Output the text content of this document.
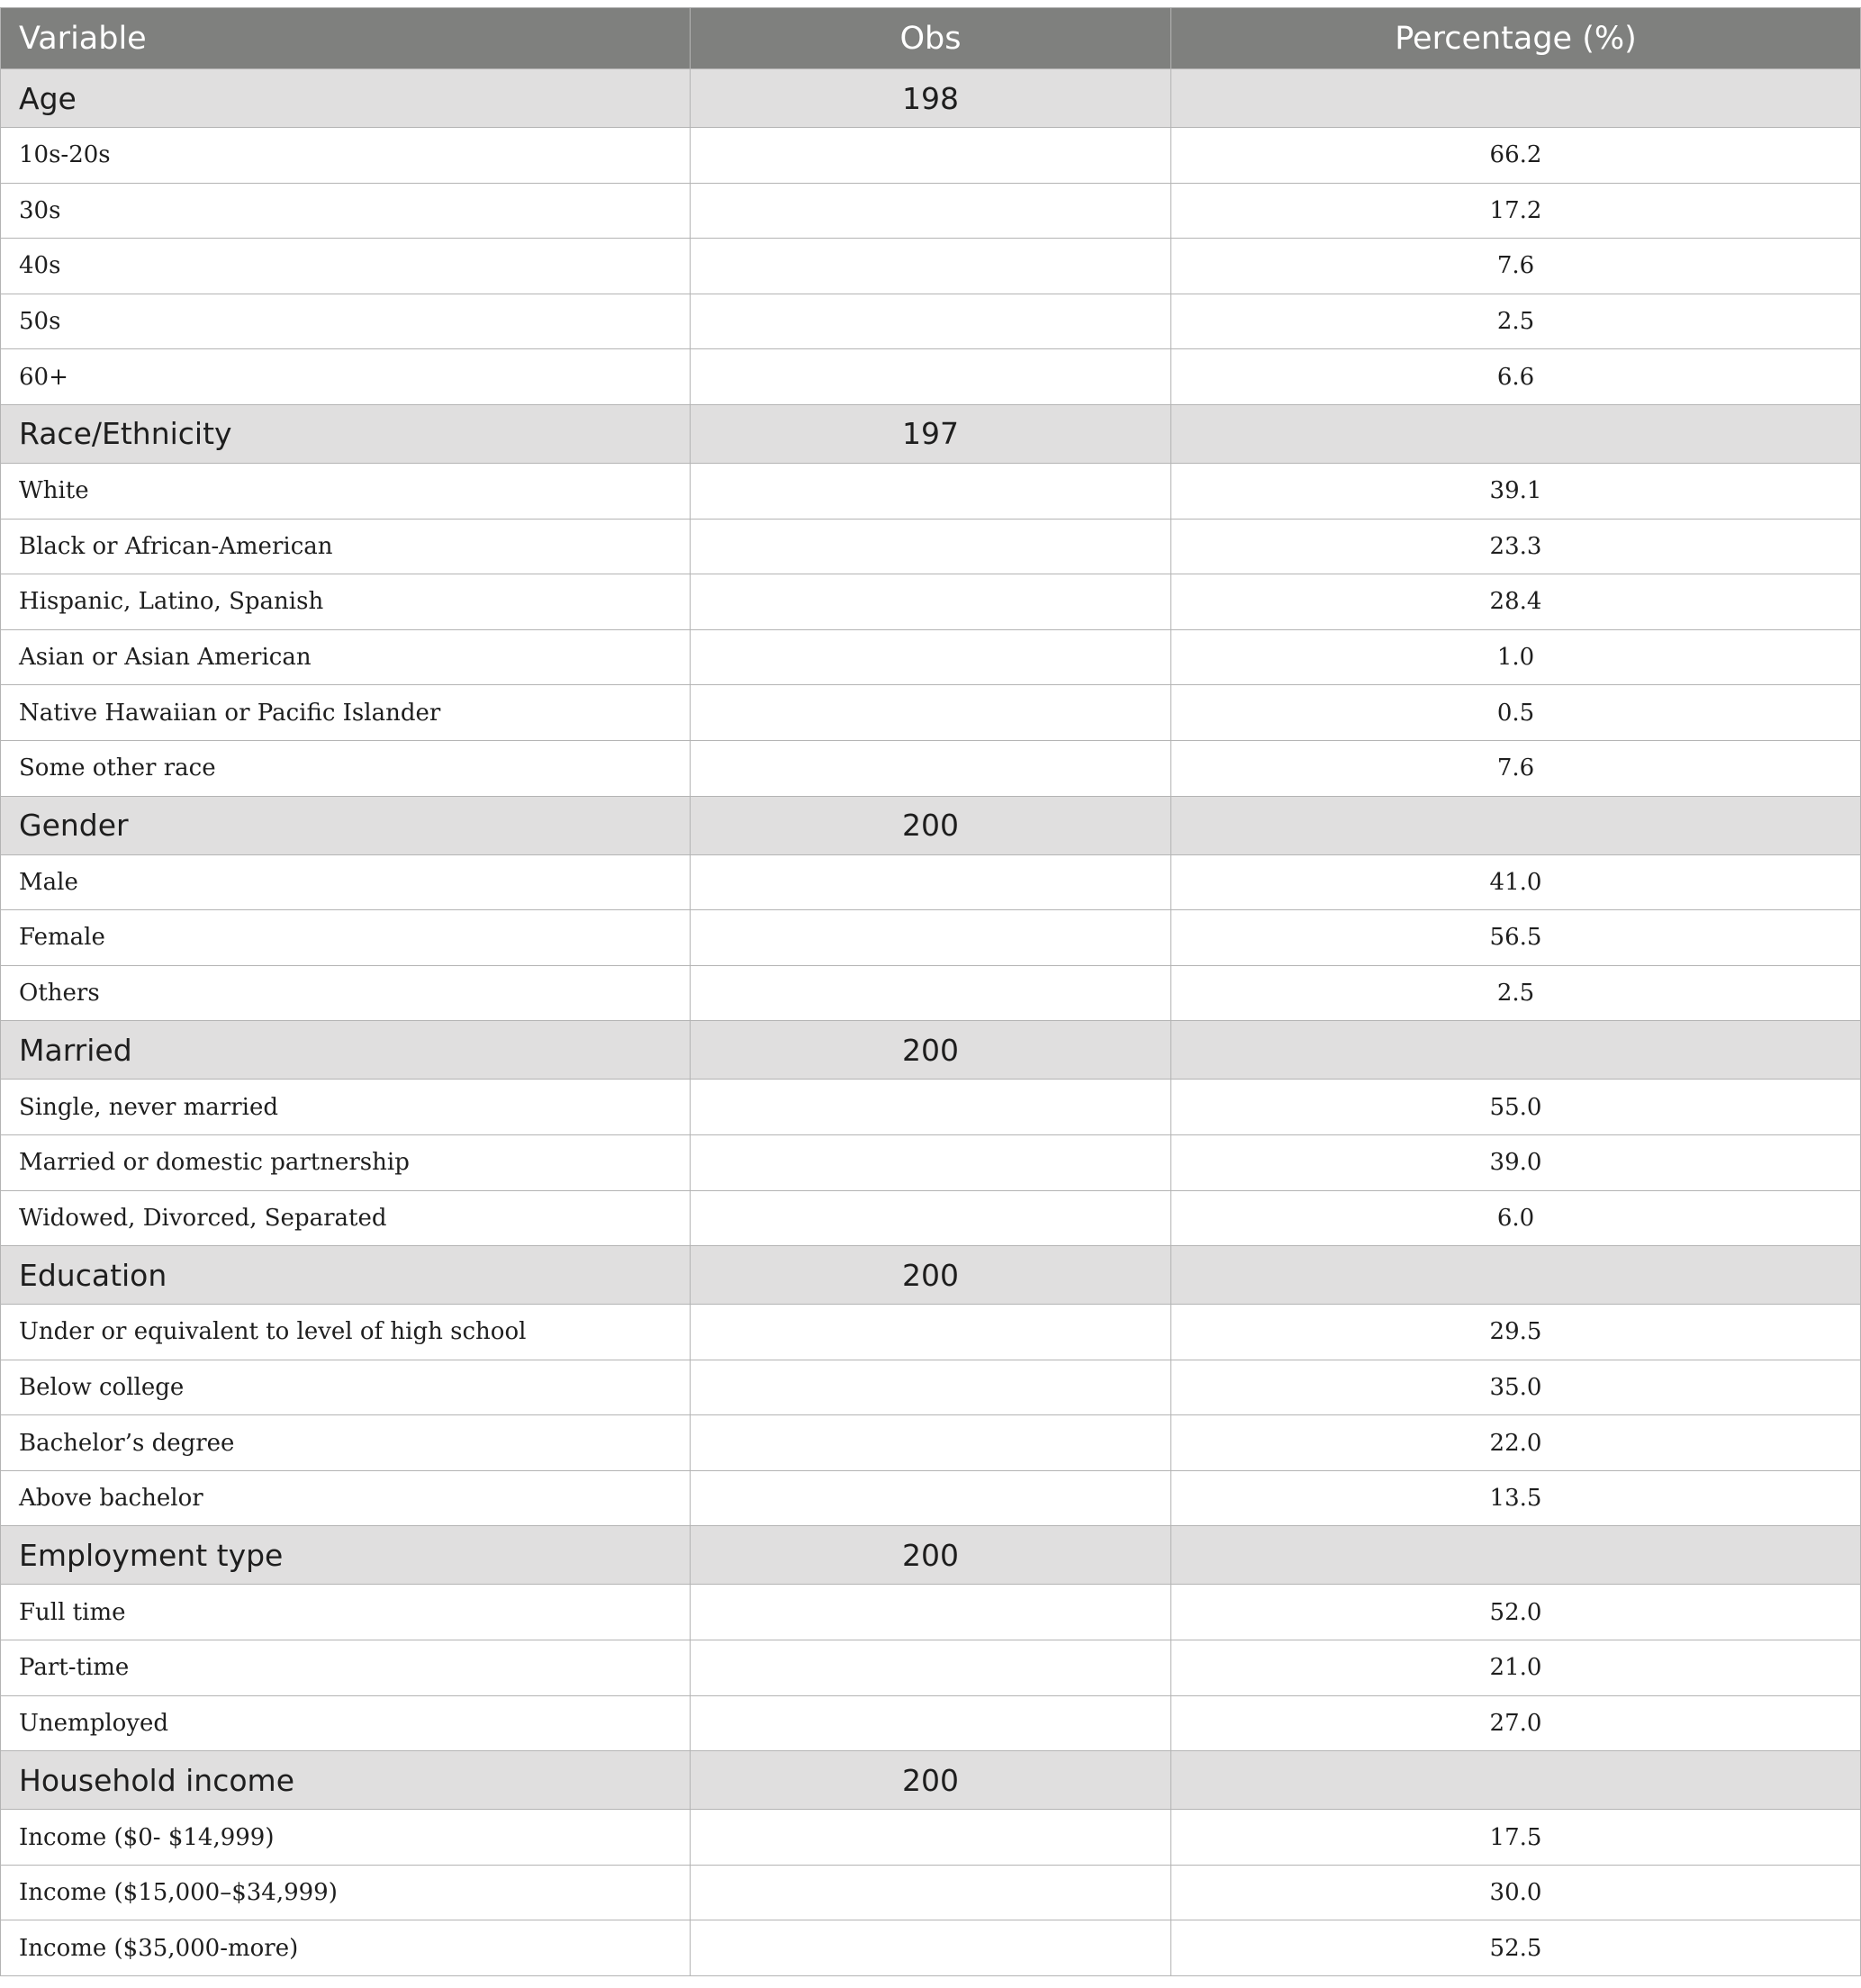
Variable	Obs	Percentage (%)
Age	198	
10s-20s		66.2
30s		17.2
40s		7.6
50s		2.5
60+		6.6
Race/Ethnicity	197	
White		39.1
Black or African-American		23.3
Hispanic, Latino, Spanish		28.4
Asian or Asian American		1.0
Native Hawaiian or Pacific Islander		0.5
Some other race		7.6
Gender	200	
Male		41.0
Female		56.5
Others		2.5
Married	200	
Single, never married		55.0
Married or domestic partnership		39.0
Widowed, Divorced, Separated		6.0
Education	200	
Under or equivalent to level of high school		29.5
Below college		35.0
Bachelor’s degree		22.0
Above bachelor		13.5
Employment type	200	
Full time		52.0
Part-time		21.0
Unemployed		27.0
Household income	200	
Income ($0- $14,999)		17.5
Income ($15,000–$34,999)		30.0
Income ($35,000-more)		52.5
